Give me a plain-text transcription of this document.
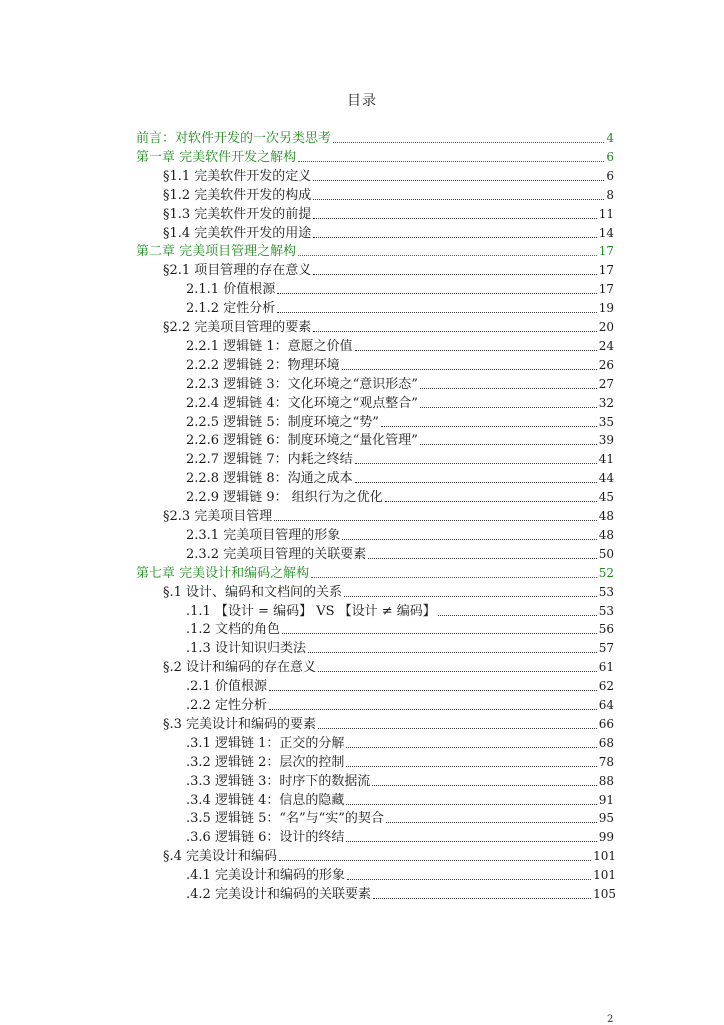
目录
前言：对软件开发的一次另类思考	4
第一章 完美软件开发之解构	6
§1.1 完美软件开发的定义	6
§1.2 完美软件开发的构成	8
§1.3 完美软件开发的前提	11
§1.4 完美软件开发的用途	14
第二章 完美项目管理之解构	17
§2.1 项目管理的存在意义	17
2.1.1 价值根源	17
2.1.2 定性分析	19
§2.2 完美项目管理的要素	20
2.2.1 逻辑链 1：意愿之价值	24
2.2.2 逻辑链 2：物理环境	26
2.2.3 逻辑链 3：文化环境之“意识形态”	27
2.2.4 逻辑链 4：文化环境之“观点整合”	32
2.2.5 逻辑链 5：制度环境之“势”	35
2.2.6 逻辑链 6：制度环境之“量化管理”	39
2.2.7 逻辑链 7：内耗之终结	41
2.2.8 逻辑链 8：沟通之成本	44
2.2.9 逻辑链 9： 组织行为之优化	45
§2.3 完美项目管理	48
2.3.1 完美项目管理的形象	48
2.3.2 完美项目管理的关联要素	50
第七章 完美设计和编码之解构	52
§.1 设计、编码和文档间的关系	53
.1.1 【设计 = 编码】 VS 【设计 ≠ 编码】	53
.1.2 文档的角色	56
.1.3 设计知识归类法	57
§.2 设计和编码的存在意义	61
.2.1 价值根源	62
.2.2 定性分析	64
§.3 完美设计和编码的要素	66
.3.1 逻辑链 1：正交的分解	68
.3.2 逻辑链 2：层次的控制	78
.3.3 逻辑链 3：时序下的数据流	88
.3.4 逻辑链 4：信息的隐藏	91
.3.5 逻辑链 5：“名”与“实”的契合	95
.3.6 逻辑链 6：设计的终结	99
§.4 完美设计和编码	101
.4.1 完美设计和编码的形象	101
.4.2 完美设计和编码的关联要素	105
2
